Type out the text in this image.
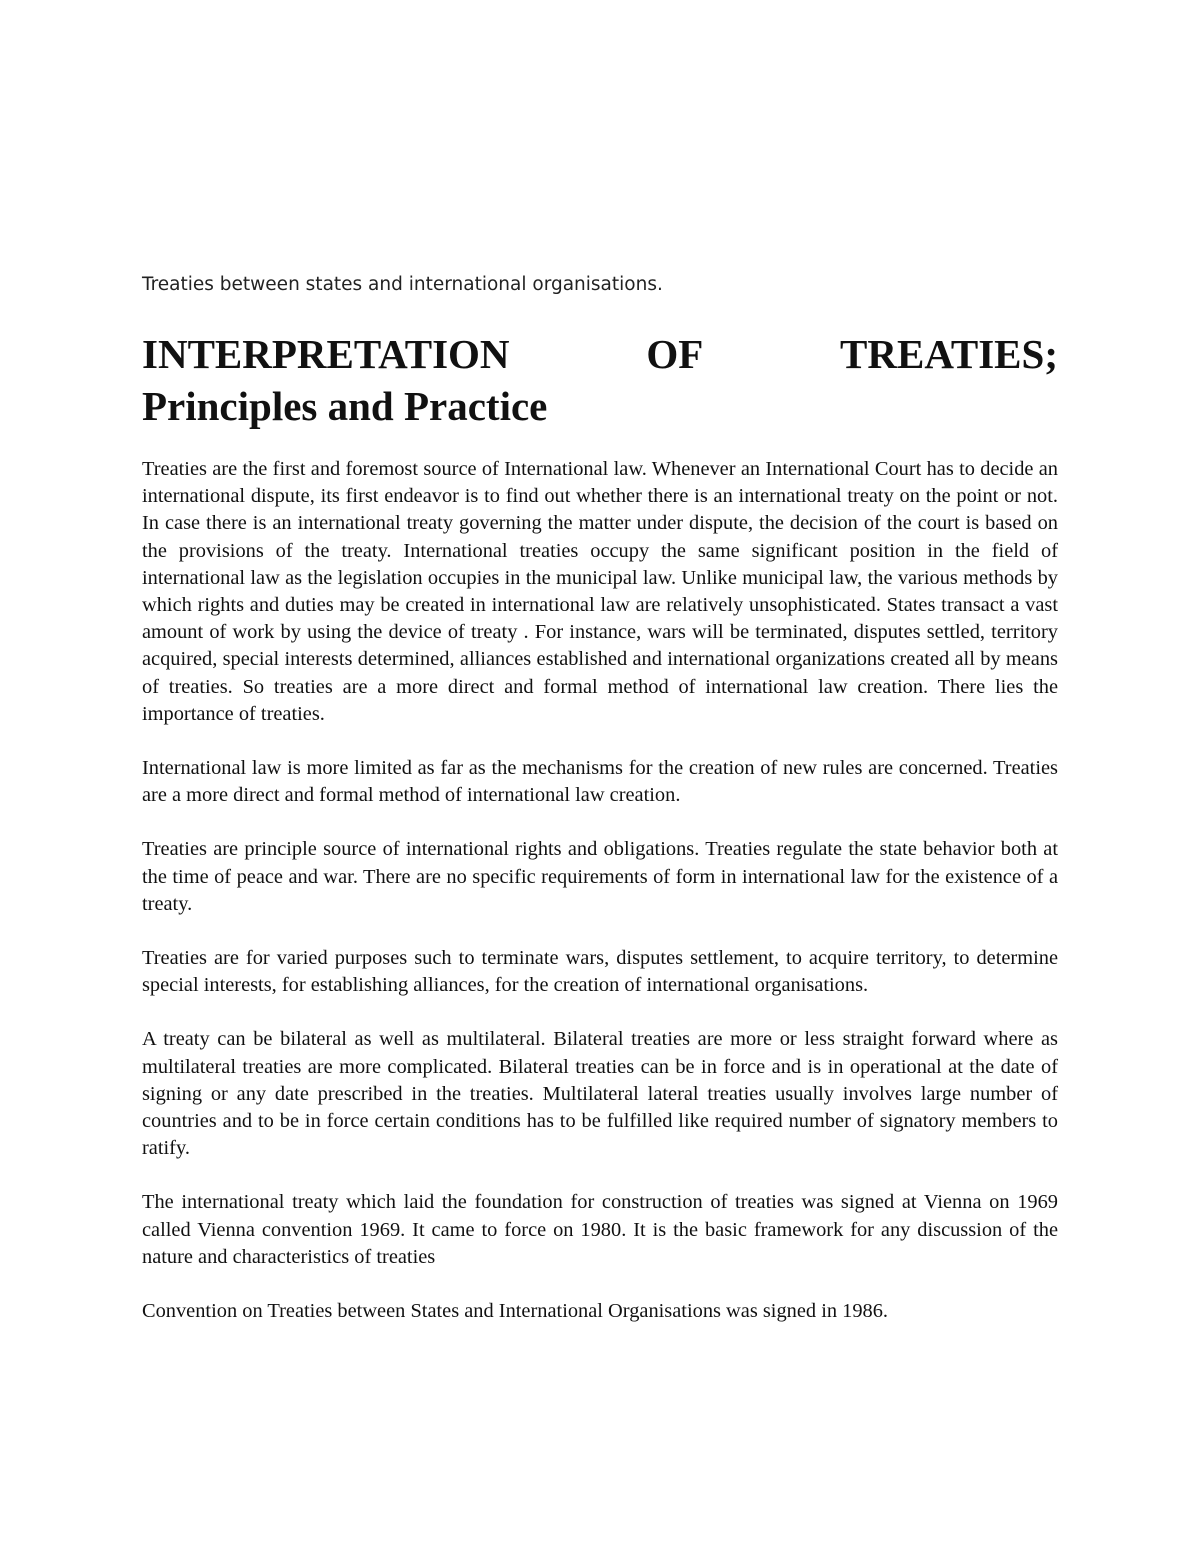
Treaties between states and international organisations.
INTERPRETATION	OF	TREATIES;
Principles and Practice

Treaties are the first and foremost source of International law. Whenever an International Court has to decide an international dispute, its first endeavor is to find out whether there is an international treaty on the point or not. In case there is an international treaty governing the matter under dispute, the decision of the court is based on the provisions of the treaty. International treaties occupy the same significant position in the field of international law as the legislation occupies in the municipal law. Unlike municipal law, the various methods by which rights and duties may be created in international law are relatively unsophisticated. States transact a vast amount of work by using the device of treaty . For instance, wars will be terminated, disputes settled, territory acquired, special interests determined, alliances established and international organizations created all by means of treaties. So treaties are a more direct and formal method of international law creation. There lies the importance of treaties.

International law is more limited as far as the mechanisms for the creation of new rules are concerned. Treaties are a more direct and formal method of international law creation.

Treaties are principle source of international rights and obligations. Treaties regulate the state behavior both at the time of peace and war. There are no specific requirements of form in international law for the existence of a treaty.

Treaties are for varied purposes such to terminate wars, disputes settlement, to acquire territory, to determine special interests, for establishing alliances, for the creation of international organisations.

A treaty can be bilateral as well as multilateral. Bilateral treaties are more or less straight forward where as multilateral treaties are more complicated. Bilateral treaties can be in force and is in operational at the date of signing or any date prescribed in the treaties. Multilateral lateral treaties usually involves large number of countries and to be in force certain conditions has to be fulfilled like required number of signatory members to ratify.

The international treaty which laid the foundation for construction of treaties was signed at Vienna on 1969 called Vienna convention 1969. It came to force on 1980. It is the basic framework for any discussion of the nature and characteristics of treaties

Convention on Treaties between States and International Organisations was signed in 1986.
